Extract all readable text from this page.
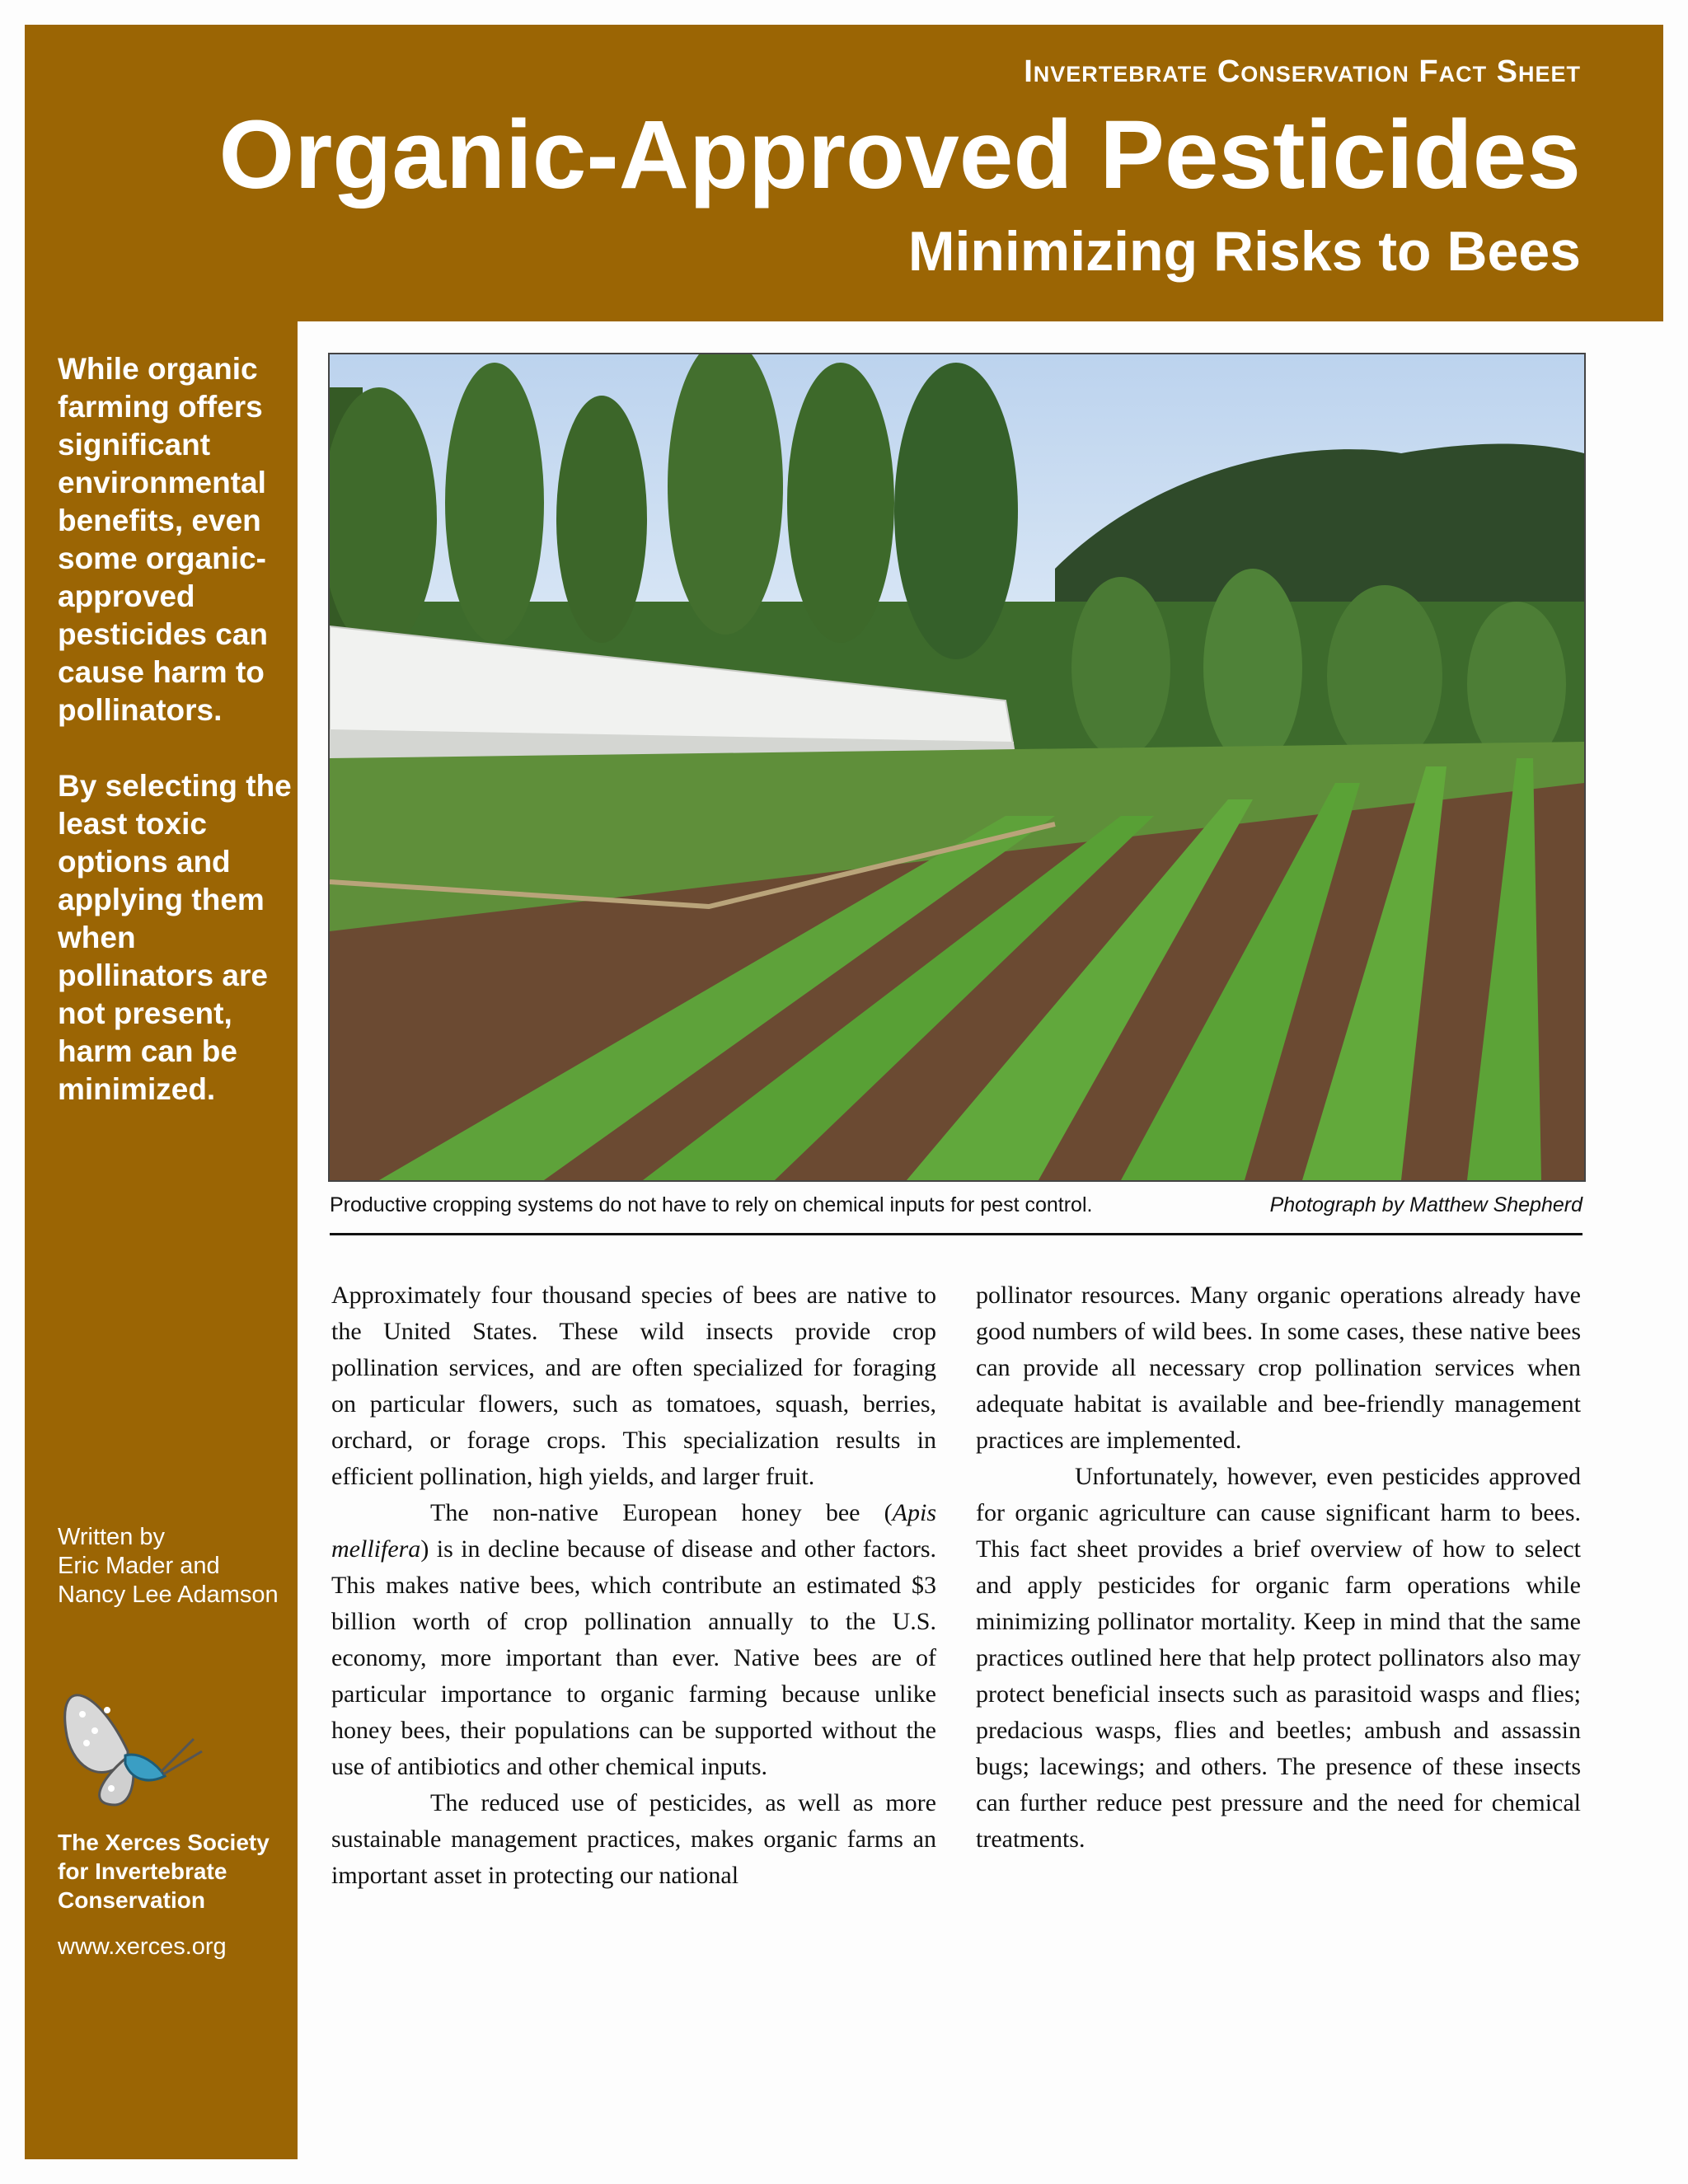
Invertebrate Conservation Fact Sheet
Organic-Approved Pesticides
Minimizing Risks to Bees

While organic farming offers significant environmental benefits, even some organic-approved pesticides can cause harm to pollinators.

By selecting the least toxic options and applying them when pollinators are not present, harm can be minimized.

Written by
Eric Mader and
Nancy Lee Adamson
The Xerces Society
for Invertebrate
Conservation
www.xerces.org
Productive cropping systems do not have to rely on chemical inputs for pest control.	Photograph by Matthew Shepherd

Approximately four thousand species of bees are native to the United States. These wild insects provide crop pollination services, and are often specialized for foraging on particular flowers, such as tomatoes, squash, berries, orchard, or forage crops. This specialization results in efficient pollination, high yields, and larger fruit.

The non-native European honey bee (Apis mellifera) is in decline because of disease and other factors. This makes native bees, which contribute an estimated $3 billion worth of crop pollination annually to the U.S. economy, more important than ever. Native bees are of particular importance to organic farming because unlike honey bees, their populations can be supported without the use of antibiotics and other chemical inputs.

The reduced use of pesticides, as well as more sustainable management practices, makes organic farms an important asset in protecting our national

pollinator resources. Many organic operations already have good numbers of wild bees. In some cases, these native bees can provide all necessary crop pollination services when adequate habitat is available and bee-friendly management practices are implemented.

Unfortunately, however, even pesticides approved for organic agriculture can cause significant harm to bees. This fact sheet provides a brief overview of how to select and apply pesticides for organic farm operations while minimizing pollinator mortality. Keep in mind that the same practices outlined here that help protect pollinators also may protect beneficial insects such as parasitoid wasps and flies; predacious wasps, flies and beetles; ambush and assassin bugs; lacewings; and others. The presence of these insects can further reduce pest pressure and the need for chemical treatments.
